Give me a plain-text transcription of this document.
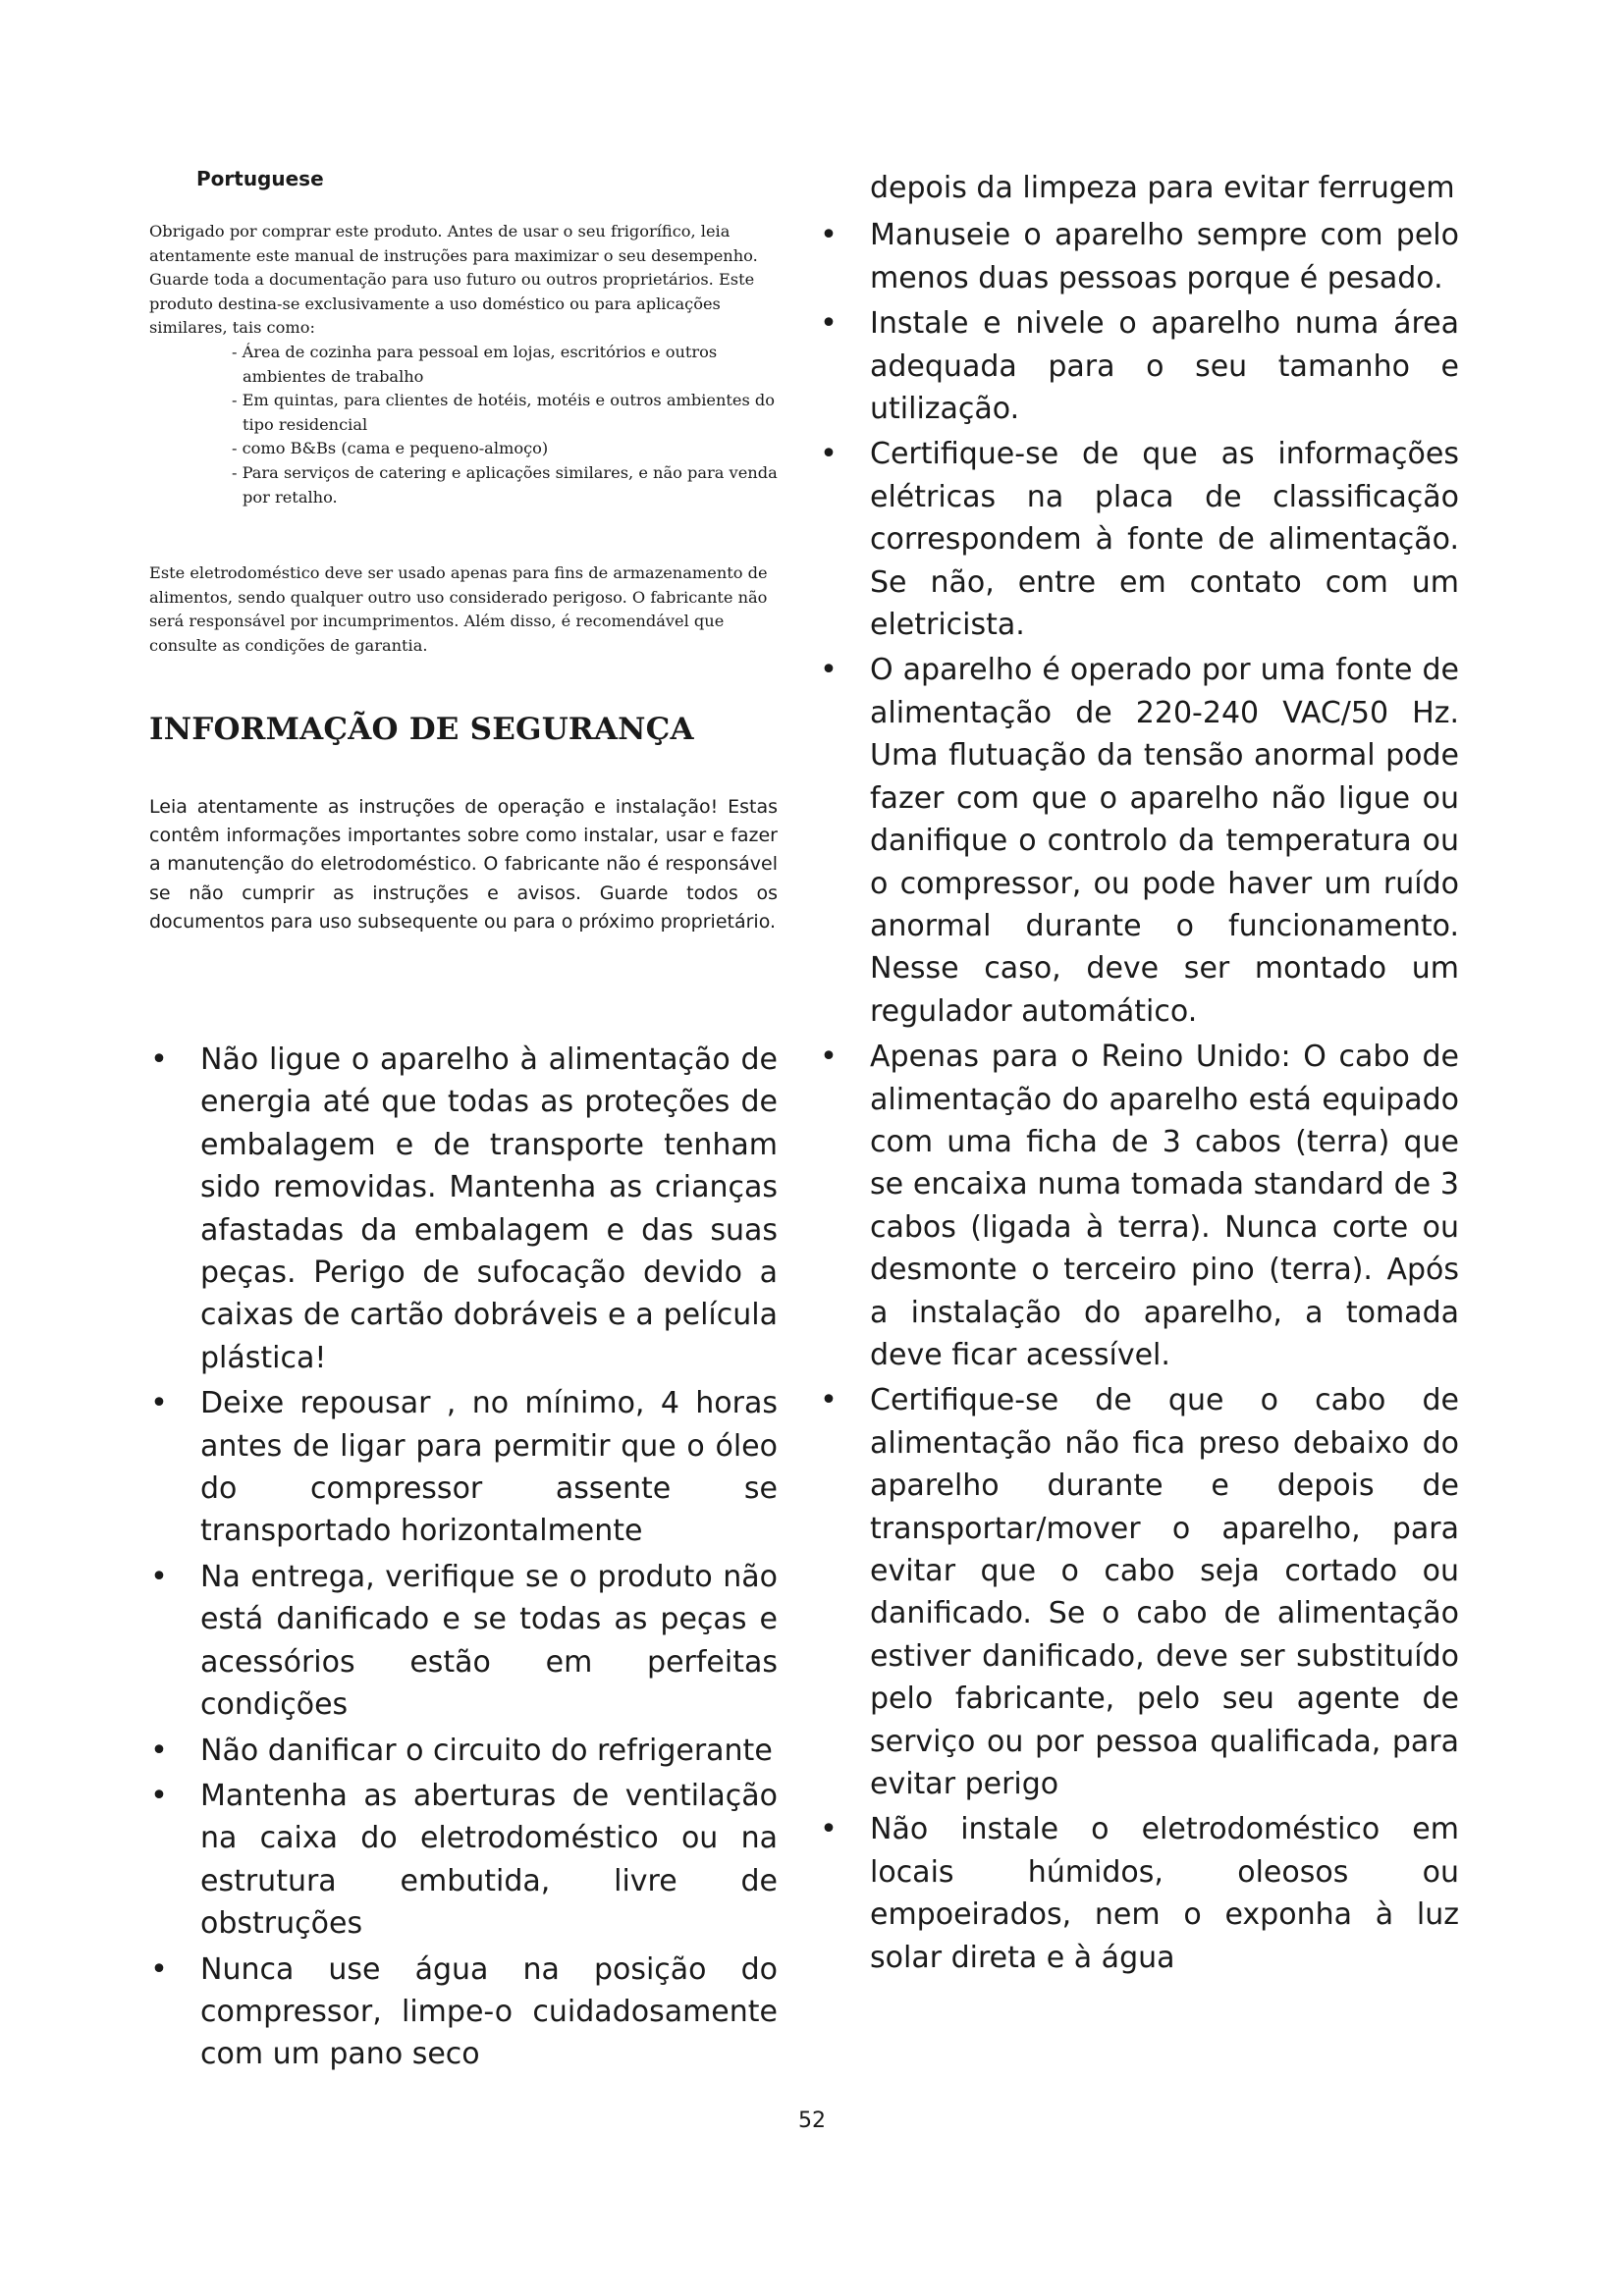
Portuguese

Obrigado por comprar este produto. Antes de usar o seu frigorífico, leia atentamente este manual de instruções para maximizar o seu desempenho. Guarde toda a documentação para uso futuro ou outros proprietários. Este produto destina-se exclusivamente a uso doméstico ou para aplicações similares, tais como:

- Área de cozinha para pessoal em lojas, escritórios e outros ambientes de trabalho
- Em quintas, para clientes de hotéis, motéis e outros ambientes do tipo residencial
- como B&Bs (cama e pequeno-almoço)
- Para serviços de catering e aplicações similares, e não para venda por retalho.

Este eletrodoméstico deve ser usado apenas para fins de armazenamento de alimentos, sendo qualquer outro uso considerado perigoso. O fabricante não será responsável por incumprimentos. Além disso, é recomendável que consulte as condições de garantia.

INFORMAÇÃO DE SEGURANÇA

Leia atentamente as instruções de operação e instalação! Estas contêm informações importantes sobre como instalar, usar e fazer a manutenção do eletrodoméstico. O fabricante não é responsável se não cumprir as instruções e avisos. Guarde todos os documentos para uso subsequente ou para o próximo proprietário.

• Não ligue o aparelho à alimentação de energia até que todas as proteções de embalagem e de transporte tenham sido removidas. Mantenha as crianças afastadas da embalagem e das suas peças. Perigo de sufocação devido a caixas de cartão dobráveis e a película plástica!
• Deixe repousar , no mínimo, 4 horas antes de ligar para permitir que o óleo do compressor assente se transportado horizontalmente
• Na entrega, verifique se o produto não está danificado e se todas as peças e acessórios estão em perfeitas condições
• Não danificar o circuito do refrigerante
• Mantenha as aberturas de ventilação na caixa do eletrodoméstico ou na estrutura embutida, livre de obstruções
• Nunca use água na posição do compressor, limpe-o cuidadosamente com um pano seco

depois da limpeza para evitar ferrugem

• Manuseie o aparelho sempre com pelo menos duas pessoas porque é pesado.
• Instale e nivele o aparelho numa área adequada para o seu tamanho e utilização.
• Certifique-se de que as informações elétricas na placa de classificação correspondem à fonte de alimentação. Se não, entre em contato com um eletricista.
• O aparelho é operado por uma fonte de alimentação de 220-240 VAC/50 Hz. Uma flutuação da tensão anormal pode fazer com que o aparelho não ligue ou danifique o controlo da temperatura ou o compressor, ou pode haver um ruído anormal durante o funcionamento. Nesse caso, deve ser montado um regulador automático.
• Apenas para o Reino Unido: O cabo de alimentação do aparelho está equipado com uma ficha de 3 cabos (terra) que se encaixa numa tomada standard de 3 cabos (ligada à terra). Nunca corte ou desmonte o terceiro pino (terra). Após a instalação do aparelho, a tomada deve ficar acessível.
• Certifique-se de que o cabo de alimentação não fica preso debaixo do aparelho durante e depois de transportar/mover o aparelho, para evitar que o cabo seja cortado ou danificado. Se o cabo de alimentação estiver danificado, deve ser substituído pelo fabricante, pelo seu agente de serviço ou por pessoa qualificada, para evitar perigo
• Não instale o eletrodoméstico em locais húmidos, oleosos ou empoeirados, nem o exponha à luz solar direta e à água

52
